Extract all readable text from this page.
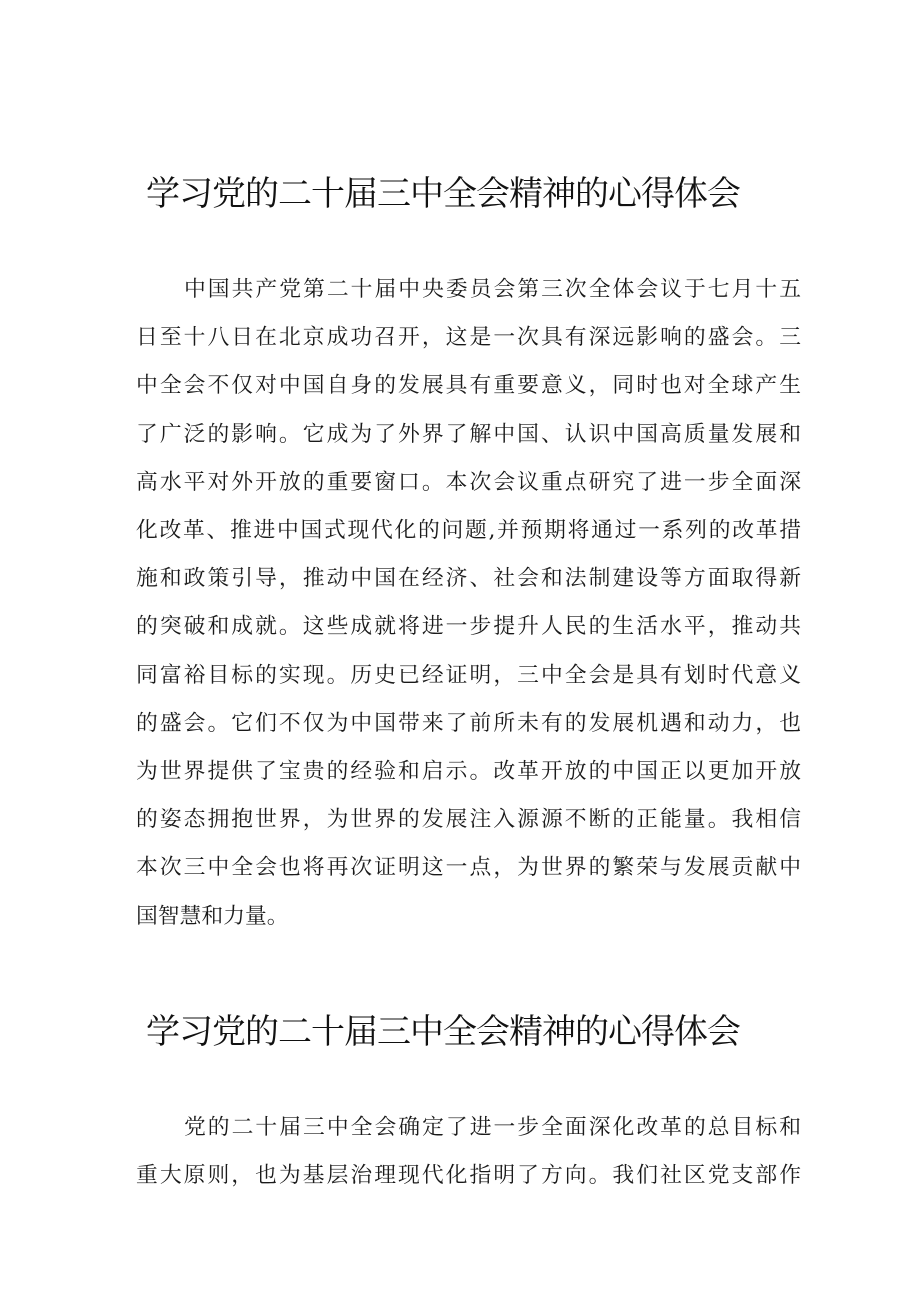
学习党的二十届三中全会精神的心得体会
中国共产党第二十届中央委员会第三次全体会议于七月十五
日至十八日在北京成功召开，这是一次具有深远影响的盛会。三
中全会不仅对中国自身的发展具有重要意义，同时也对全球产生
了广泛的影响。它成为了外界了解中国、认识中国高质量发展和
高水平对外开放的重要窗口。本次会议重点研究了进一步全面深
化改革、推进中国式现代化的问题,并预期将通过一系列的改革措
施和政策引导，推动中国在经济、社会和法制建设等方面取得新
的突破和成就。这些成就将进一步提升人民的生活水平，推动共
同富裕目标的实现。历史已经证明，三中全会是具有划时代意义
的盛会。它们不仅为中国带来了前所未有的发展机遇和动力，也
为世界提供了宝贵的经验和启示。改革开放的中国正以更加开放
的姿态拥抱世界，为世界的发展注入源源不断的正能量。我相信
本次三中全会也将再次证明这一点，为世界的繁荣与发展贡献中
国智慧和力量。
学习党的二十届三中全会精神的心得体会
党的二十届三中全会确定了进一步全面深化改革的总目标和
重大原则，也为基层治理现代化指明了方向。我们社区党支部作
